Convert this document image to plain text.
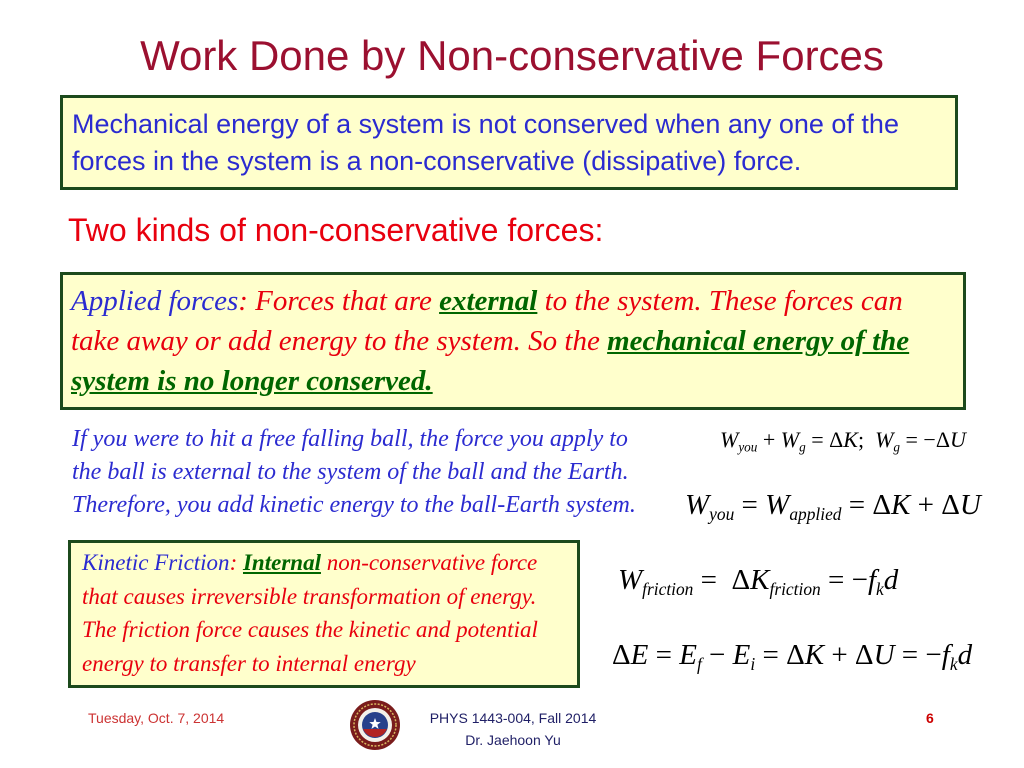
Work Done by Non-conservative Forces

Mechanical energy of a system is not conserved when any one of the forces in the system is a non-conservative (dissipative) force.

Two kinds of non-conservative forces:

Applied forces: Forces that are external to the system. These forces can take away or add energy to the system. So the mechanical energy of the system is no longer conserved.

If you were to hit a free falling ball, the force you apply to the ball is external to the system of the ball and the Earth. Therefore, you add kinetic energy to the ball-Earth system.

$W_{you} + W_g = \Delta K$;  $W_g = -\Delta U$
$W_{you} = W_{applied} = \Delta K + \Delta U$

Kinetic Friction: Internal non-conservative force that causes irreversible transformation of energy. The friction force causes the kinetic and potential energy to transfer to internal energy

$W_{friction} = \Delta K_{friction} = -f_kd$
$\Delta E = E_f - E_i = \Delta K + \Delta U = -f_kd$
Tuesday, Oct. 7, 2014	PHYS 1443-004, Fall 2014
Dr. Jaehoon Yu
6
